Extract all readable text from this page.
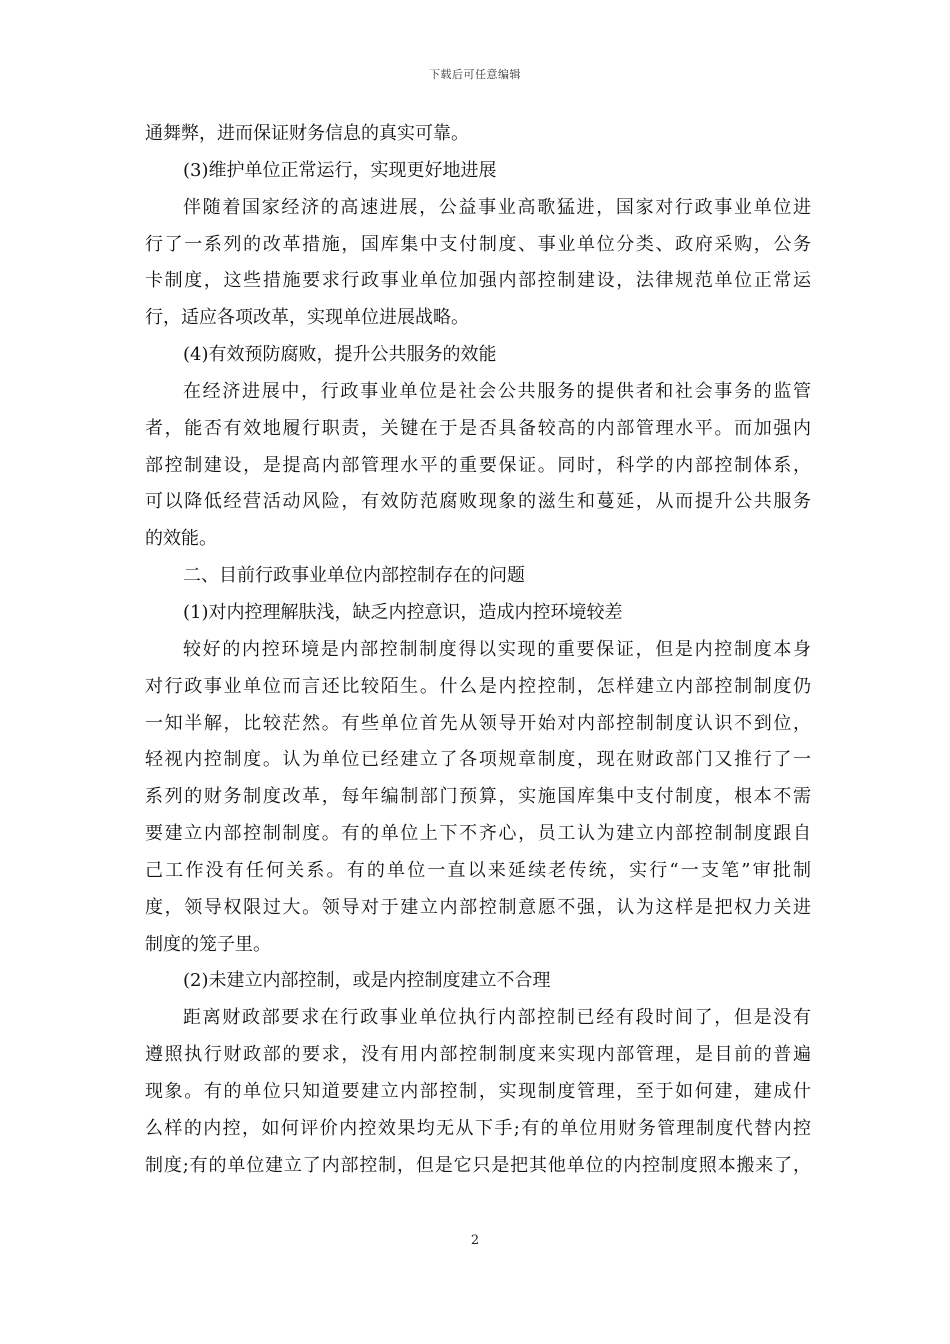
下载后可任意编辑
通舞弊，进而保证财务信息的真实可靠。
(3)维护单位正常运行，实现更好地进展
伴随着国家经济的高速进展，公益事业高歌猛进，国家对行政事业单位进
行了一系列的改革措施，国库集中支付制度、事业单位分类、政府采购，公务
卡制度，这些措施要求行政事业单位加强内部控制建设，法律规范单位正常运
行，适应各项改革，实现单位进展战略。
(4)有效预防腐败，提升公共服务的效能
在经济进展中，行政事业单位是社会公共服务的提供者和社会事务的监管
者，能否有效地履行职责，关键在于是否具备较高的内部管理水平。而加强内
部控制建设，是提高内部管理水平的重要保证。同时，科学的内部控制体系，
可以降低经营活动风险，有效防范腐败现象的滋生和蔓延，从而提升公共服务
的效能。
二、目前行政事业单位内部控制存在的问题
(1)对内控理解肤浅，缺乏内控意识，造成内控环境较差
较好的内控环境是内部控制制度得以实现的重要保证，但是内控制度本身
对行政事业单位而言还比较陌生。什么是内控控制，怎样建立内部控制制度仍
一知半解，比较茫然。有些单位首先从领导开始对内部控制制度认识不到位，
轻视内控制度。认为单位已经建立了各项规章制度，现在财政部门又推行了一
系列的财务制度改革，每年编制部门预算，实施国库集中支付制度，根本不需
要建立内部控制制度。有的单位上下不齐心，员工认为建立内部控制制度跟自
己工作没有任何关系。有的单位一直以来延续老传统，实行“一支笔”审批制
度，领导权限过大。领导对于建立内部控制意愿不强，认为这样是把权力关进
制度的笼子里。
(2)未建立内部控制，或是内控制度建立不合理
距离财政部要求在行政事业单位执行内部控制已经有段时间了，但是没有
遵照执行财政部的要求，没有用内部控制制度来实现内部管理，是目前的普遍
现象。有的单位只知道要建立内部控制，实现制度管理，至于如何建，建成什
么样的内控，如何评价内控效果均无从下手;有的单位用财务管理制度代替内控
制度;有的单位建立了内部控制，但是它只是把其他单位的内控制度照本搬来了，
2
